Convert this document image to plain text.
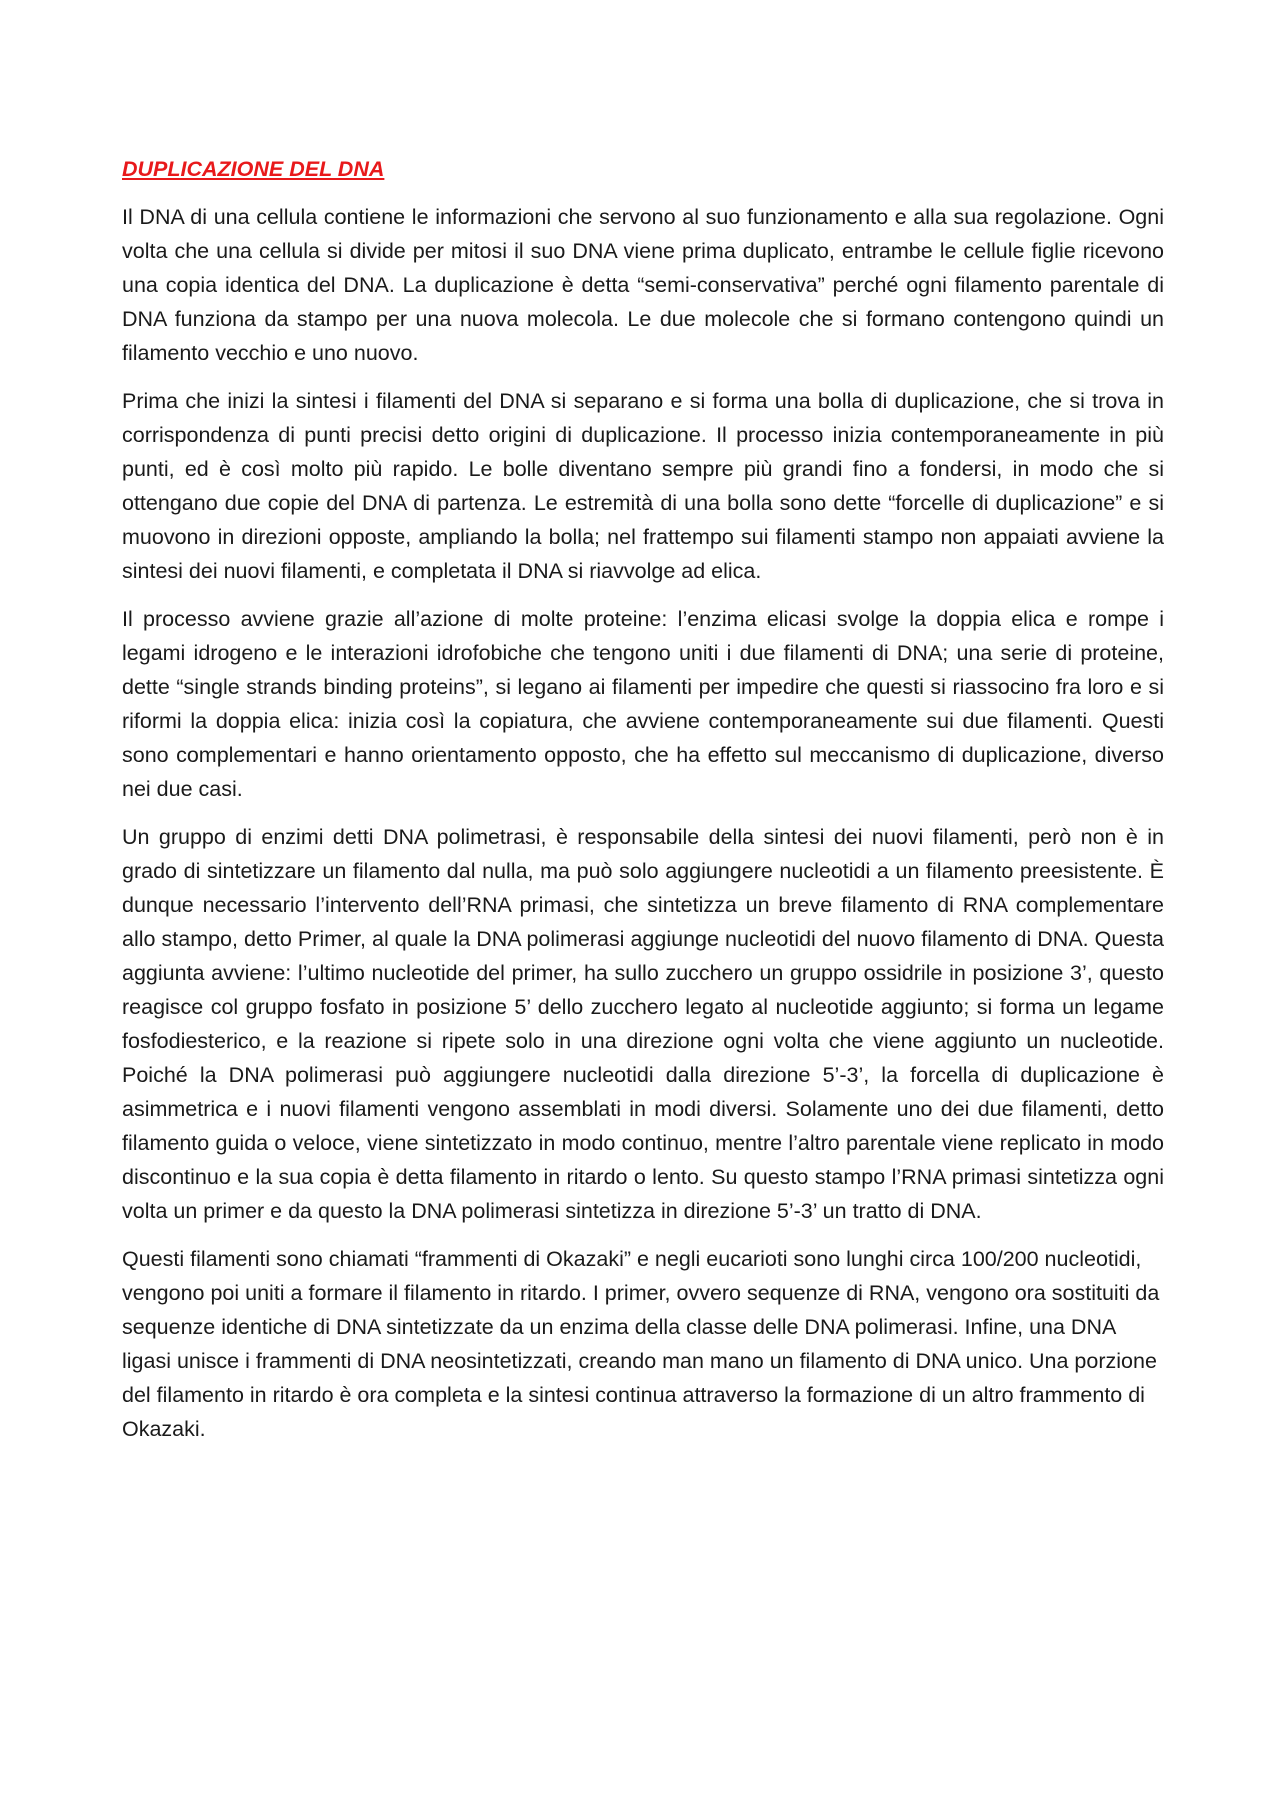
DUPLICAZIONE DEL DNA

Il DNA di una cellula contiene le informazioni che servono al suo funzionamento e alla sua regolazione. Ogni volta che una cellula si divide per mitosi il suo DNA viene prima duplicato, entrambe le cellule figlie ricevono una copia identica del DNA. La duplicazione è detta “semi-conservativa” perché ogni filamento parentale di DNA funziona da stampo per una nuova molecola. Le due molecole che si formano contengono quindi un filamento vecchio e uno nuovo.

Prima che inizi la sintesi i filamenti del DNA si separano e si forma una bolla di duplicazione, che si trova in corrispondenza di punti precisi detto origini di duplicazione. Il processo inizia contemporaneamente in più punti, ed è così molto più rapido. Le bolle diventano sempre più grandi fino a fondersi, in modo che si ottengano due copie del DNA di partenza. Le estremità di una bolla sono dette “forcelle di duplicazione” e si muovono in direzioni opposte, ampliando la bolla; nel frattempo sui filamenti stampo non appaiati avviene la sintesi dei nuovi filamenti, e completata il DNA si riavvolge ad elica.

Il processo avviene grazie all’azione di molte proteine: l’enzima elicasi svolge la doppia elica e rompe i legami idrogeno e le interazioni idrofobiche che tengono uniti i due filamenti di DNA; una serie di proteine, dette “single strands binding proteins”, si legano ai filamenti per impedire che questi si riassocino fra loro e si riformi la doppia elica: inizia così la copiatura, che avviene contemporaneamente sui due filamenti. Questi sono complementari e hanno orientamento opposto, che ha effetto sul meccanismo di duplicazione, diverso nei due casi.

Un gruppo di enzimi detti DNA polimetrasi, è responsabile della sintesi dei nuovi filamenti, però non è in grado di sintetizzare un filamento dal nulla, ma può solo aggiungere nucleotidi a un filamento preesistente. È dunque necessario l’intervento dell’RNA primasi, che sintetizza un breve filamento di RNA complementare allo stampo, detto Primer, al quale la DNA polimerasi aggiunge nucleotidi del nuovo filamento di DNA. Questa aggiunta avviene: l’ultimo nucleotide del primer, ha sullo zucchero un gruppo ossidrile in posizione 3’, questo reagisce col gruppo fosfato in posizione 5’ dello zucchero legato al nucleotide aggiunto; si forma un legame fosfodiesterico, e la reazione si ripete solo in una direzione ogni volta che viene aggiunto un nucleotide. Poiché la DNA polimerasi può aggiungere nucleotidi dalla direzione 5’-3’, la forcella di duplicazione è asimmetrica e i nuovi filamenti vengono assemblati in modi diversi. Solamente uno dei due filamenti, detto filamento guida o veloce, viene sintetizzato in modo continuo, mentre l’altro parentale viene replicato in modo discontinuo e la sua copia è detta filamento in ritardo o lento. Su questo stampo l’RNA primasi sintetizza ogni volta un primer e da questo la DNA polimerasi sintetizza in direzione 5’-3’ un tratto di DNA.

Questi filamenti sono chiamati “frammenti di Okazaki” e negli eucarioti sono lunghi circa 100/200 nucleotidi, vengono poi uniti a formare il filamento in ritardo. I primer, ovvero sequenze di RNA, vengono ora sostituiti da sequenze identiche di DNA sintetizzate da un enzima della classe delle DNA polimerasi. Infine, una DNA ligasi unisce i frammenti di DNA neosintetizzati, creando man mano un filamento di DNA unico. Una porzione del filamento in ritardo è ora completa e la sintesi continua attraverso la formazione di un altro frammento di Okazaki.
